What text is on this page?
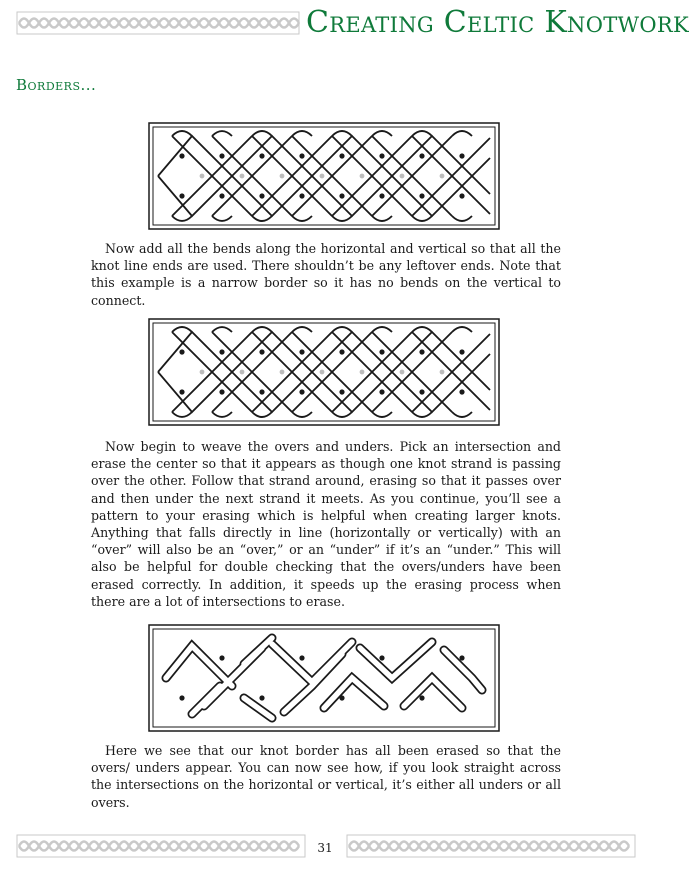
Creating Celtic Knotwork
Borders...
Now add all the bends along the horizontal and vertical so that all the knot line ends are used. There shouldn’t be any leftover ends. Note that this example is a narrow border so it has no bends on the vertical to connect.
Now begin to weave the overs and unders. Pick an intersection and erase the center so that it appears as though one knot strand is passing over the other. Follow that strand around, erasing so that it passes over and then under the next strand it meets. As you continue, you’ll see a pattern to your erasing which is helpful when creating larger knots. Anything that falls directly in line (horizontally or vertically) with an “over” will also be an “over,” or an “under” if it’s an “under.” This will also be helpful for double checking that the overs/unders have been erased correctly. In addition, it speeds up the erasing process when there are a lot of intersections to erase.
Here we see that our knot border has all been erased so that the overs/ unders appear. You can now see how, if you look straight across the intersections on the horizontal or vertical, it’s either all unders or all overs.
31
